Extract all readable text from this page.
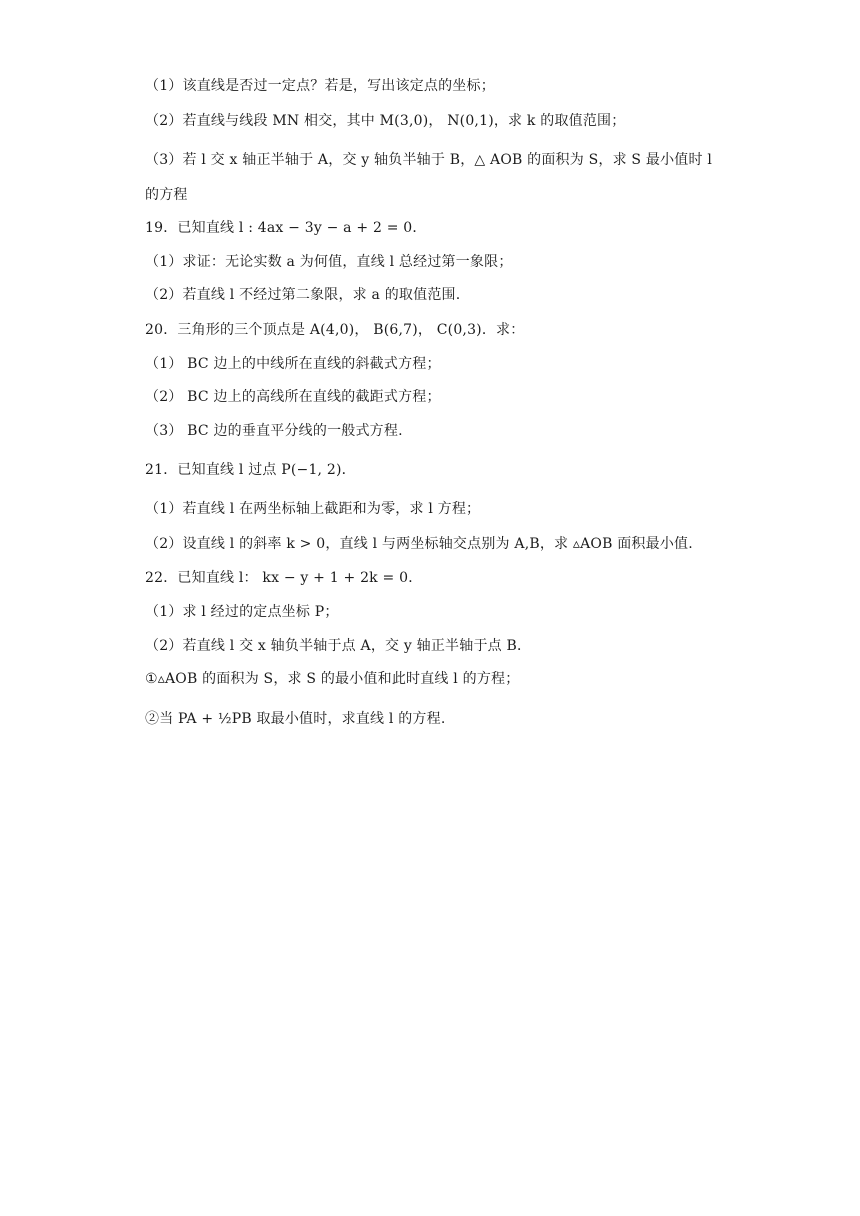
（1）该直线是否过一定点？若是，写出该定点的坐标；
（2）若直线与线段 MN 相交，其中 M(3,0)， N(0,1)，求 k 的取值范围；
（3）若 l 交 x 轴正半轴于 A，交 y 轴负半轴于 B，△ AOB 的面积为 S，求 S 最小值时 l
的方程
19．已知直线 l : 4ax − 3y − a + 2 = 0．
（1）求证：无论实数 a 为何值，直线 l 总经过第一象限；
（2）若直线 l 不经过第二象限，求 a 的取值范围.
20．三角形的三个顶点是 A(4,0)， B(6,7)， C(0,3)．求：
（1） BC 边上的中线所在直线的斜截式方程；
（2） BC 边上的高线所在直线的截距式方程；
（3） BC 边的垂直平分线的一般式方程.
21．已知直线 l 过点 P(−1, 2)．
（1）若直线 l 在两坐标轴上截距和为零，求 l 方程；
（2）设直线 l 的斜率 k > 0，直线 l 与两坐标轴交点别为 A,B，求 ▵AOB 面积最小值.
22．已知直线 l： kx − y + 1 + 2k = 0．
（1）求 l 经过的定点坐标 P；
（2）若直线 l 交 x 轴负半轴于点 A，交 y 轴正半轴于点 B．
①▵AOB 的面积为 S，求 S 的最小值和此时直线 l 的方程；
②当 PA + ½PB 取最小值时，求直线 l 的方程.
